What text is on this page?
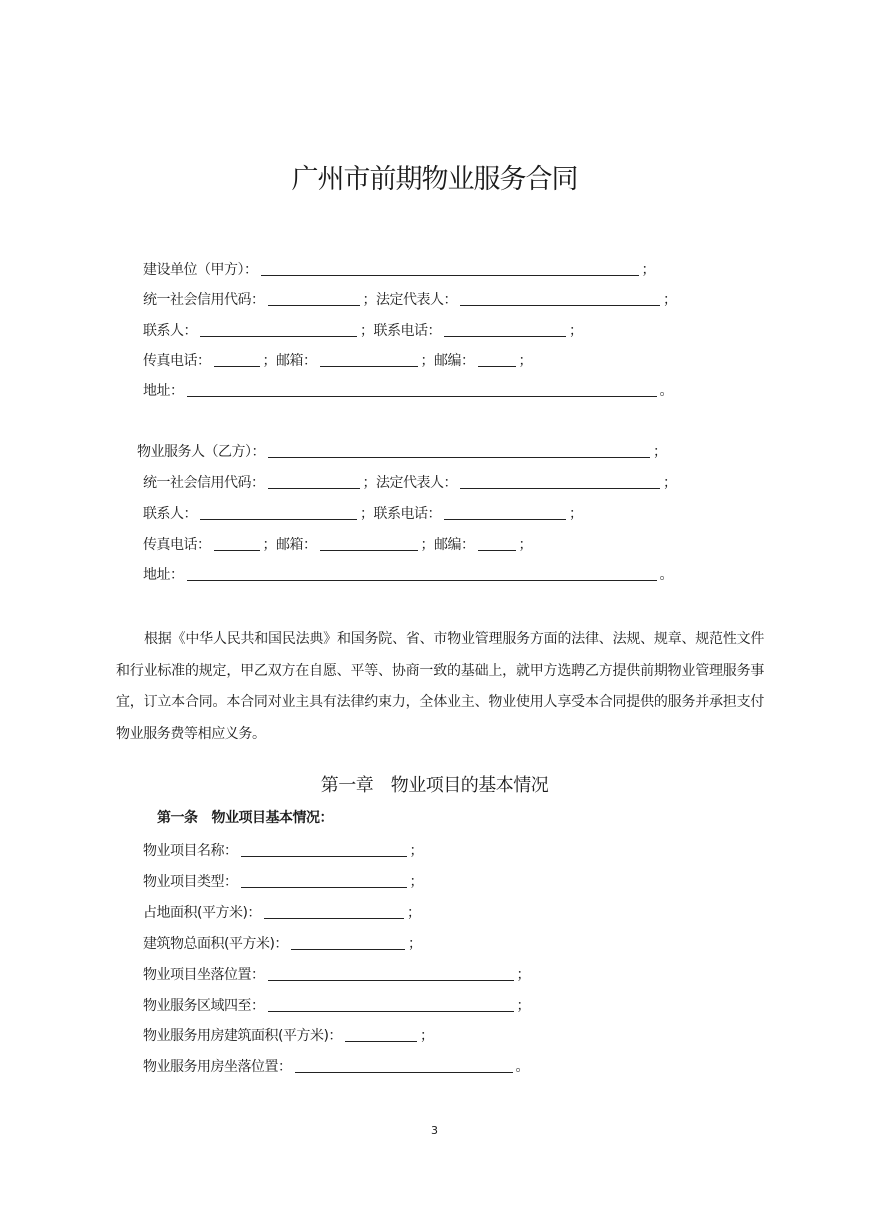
广州市前期物业服务合同
建设单位（甲方）：	；
统一社会信用代码：	；法定代表人：	；
联系人：	；联系电话：	；
传真电话：	；邮箱：	；邮编：	；
地址：	。
物业服务人（乙方）：	；
统一社会信用代码：	；法定代表人：	；
联系人：	；联系电话：	；
传真电话：	；邮箱：	；邮编：	；
地址：	。
根据《中华人民共和国民法典》和国务院、省、市物业管理服务方面的法律、法规、规章、规范性文件和行业标准的规定，甲乙双方在自愿、平等、协商一致的基础上，就甲方选聘乙方提供前期物业管理服务事宜，订立本合同。本合同对业主具有法律约束力，全体业主、物业使用人享受本合同提供的服务并承担支付物业服务费等相应义务。
第一章　物业项目的基本情况
第一条 物业项目基本情况：
物业项目名称：	；
物业项目类型：	；
占地面积(平方米)：	；
建筑物总面积(平方米)：	；
物业项目坐落位置：	；
物业服务区域四至：	；
物业服务用房建筑面积(平方米)：	；
物业服务用房坐落位置：	。
3
